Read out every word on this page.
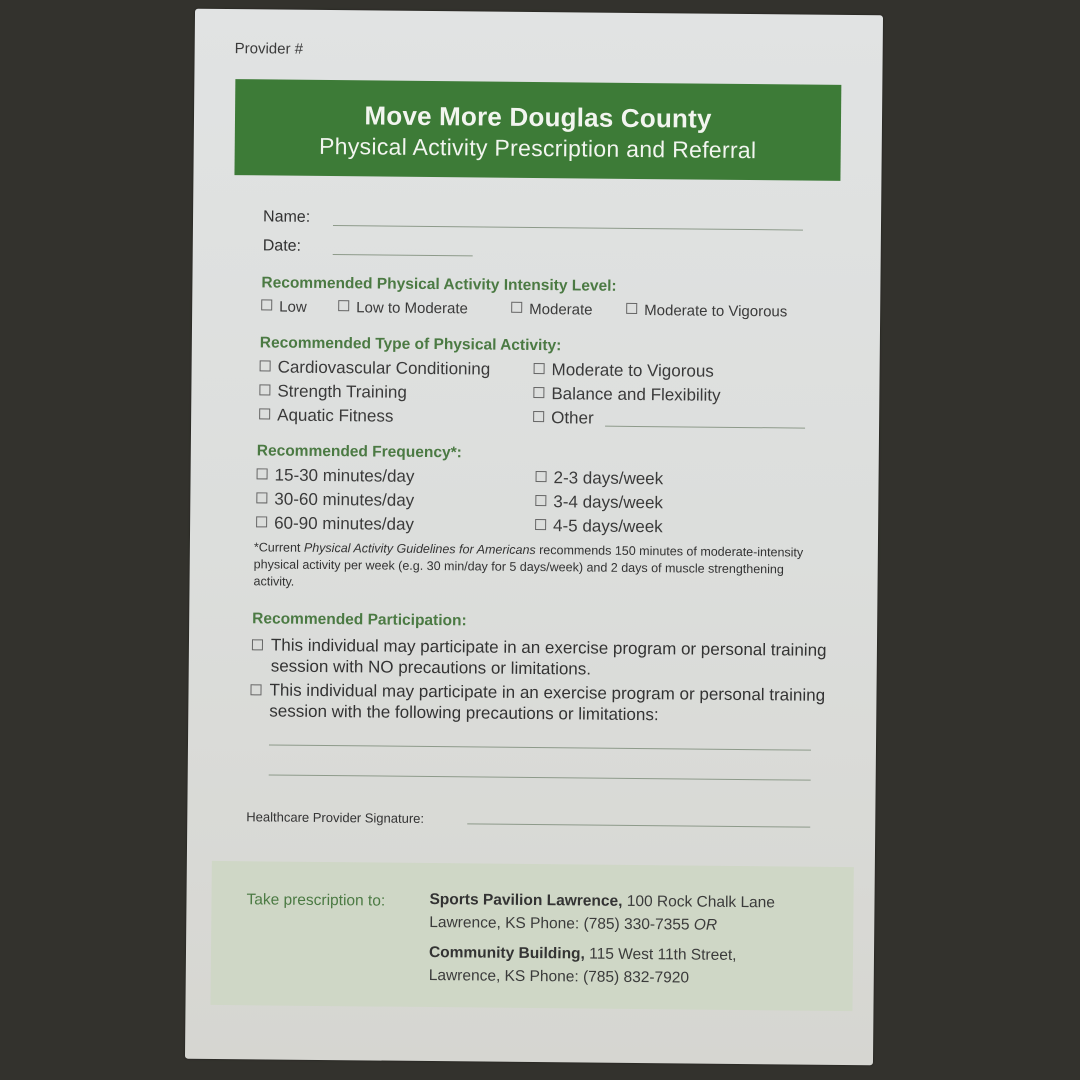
Provider #
Move More Douglas County
Physical Activity Prescription and Referral
Name:
Date:
Recommended Physical Activity Intensity Level:
Low	Low to Moderate	Moderate	Moderate to Vigorous
Recommended Type of Physical Activity:
Cardiovascular Conditioning
Strength Training
Aquatic Fitness
Moderate to Vigorous
Balance and Flexibility
Other
Recommended Frequency*:
15-30 minutes/day
30-60 minutes/day
60-90 minutes/day
2-3 days/week
3-4 days/week
4-5 days/week
*Current Physical Activity Guidelines for Americans recommends 150 minutes of moderate-intensity physical activity per week (e.g. 30 min/day for 5 days/week) and 2 days of muscle strengthening activity.
Recommended Participation:
This individual may participate in an exercise program or personal training session with NO precautions or limitations.
This individual may participate in an exercise program or personal training session with the following precautions or limitations:
Healthcare Provider Signature:
Take prescription to:	Sports Pavilion Lawrence, 100 Rock Chalk Lane
Lawrence, KS Phone: (785) 330-7355 OR
Community Building, 115 West 11th Street,
Lawrence, KS Phone: (785) 832-7920
